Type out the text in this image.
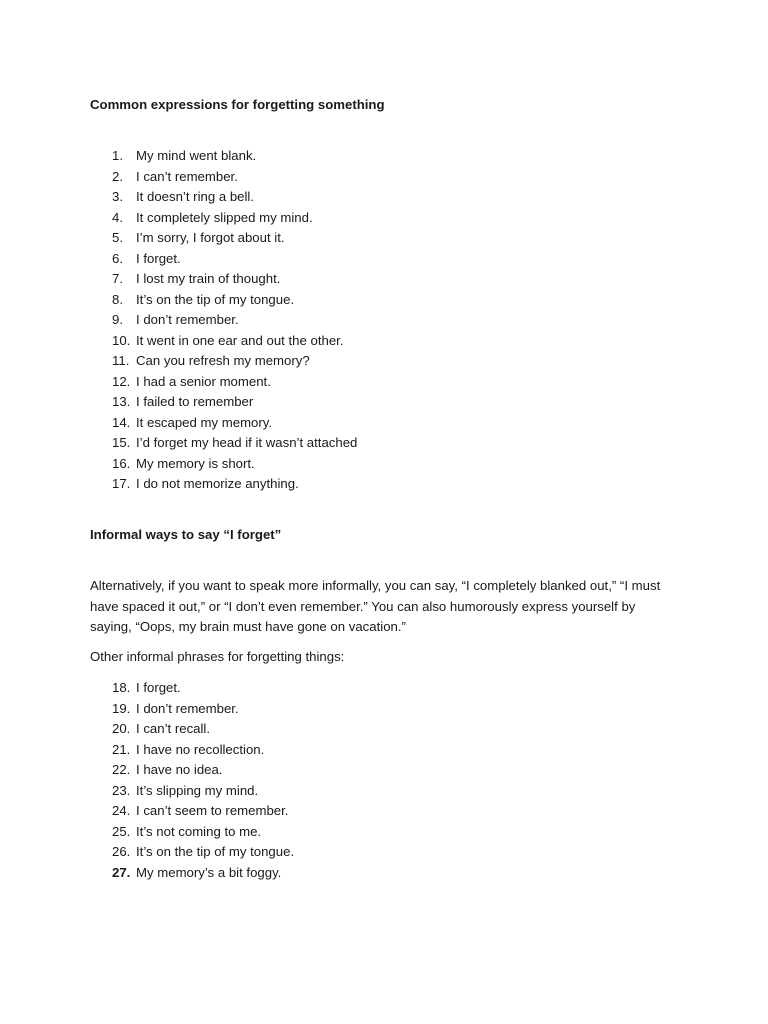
Common expressions for forgetting something
1. My mind went blank.
2. I can’t remember.
3. It doesn’t ring a bell.
4. It completely slipped my mind.
5. I’m sorry, I forgot about it.
6. I forget.
7. I lost my train of thought.
8. It’s on the tip of my tongue.
9. I don’t remember.
10. It went in one ear and out the other.
11. Can you refresh my memory?
12. I had a senior moment.
13. I failed to remember
14. It escaped my memory.
15. I’d forget my head if it wasn’t attached
16. My memory is short.
17. I do not memorize anything.
Informal ways to say “I forget”

Alternatively, if you want to speak more informally, you can say, “I completely blanked out,” “I must have spaced it out,” or “I don’t even remember.” You can also humorously express yourself by saying, “Oops, my brain must have gone on vacation.”

Other informal phrases for forgetting things:

18. I forget.
19. I don’t remember.
20. I can’t recall.
21. I have no recollection.
22. I have no idea.
23. It’s slipping my mind.
24. I can’t seem to remember.
25. It’s not coming to me.
26. It’s on the tip of my tongue.
27. My memory’s a bit foggy.
